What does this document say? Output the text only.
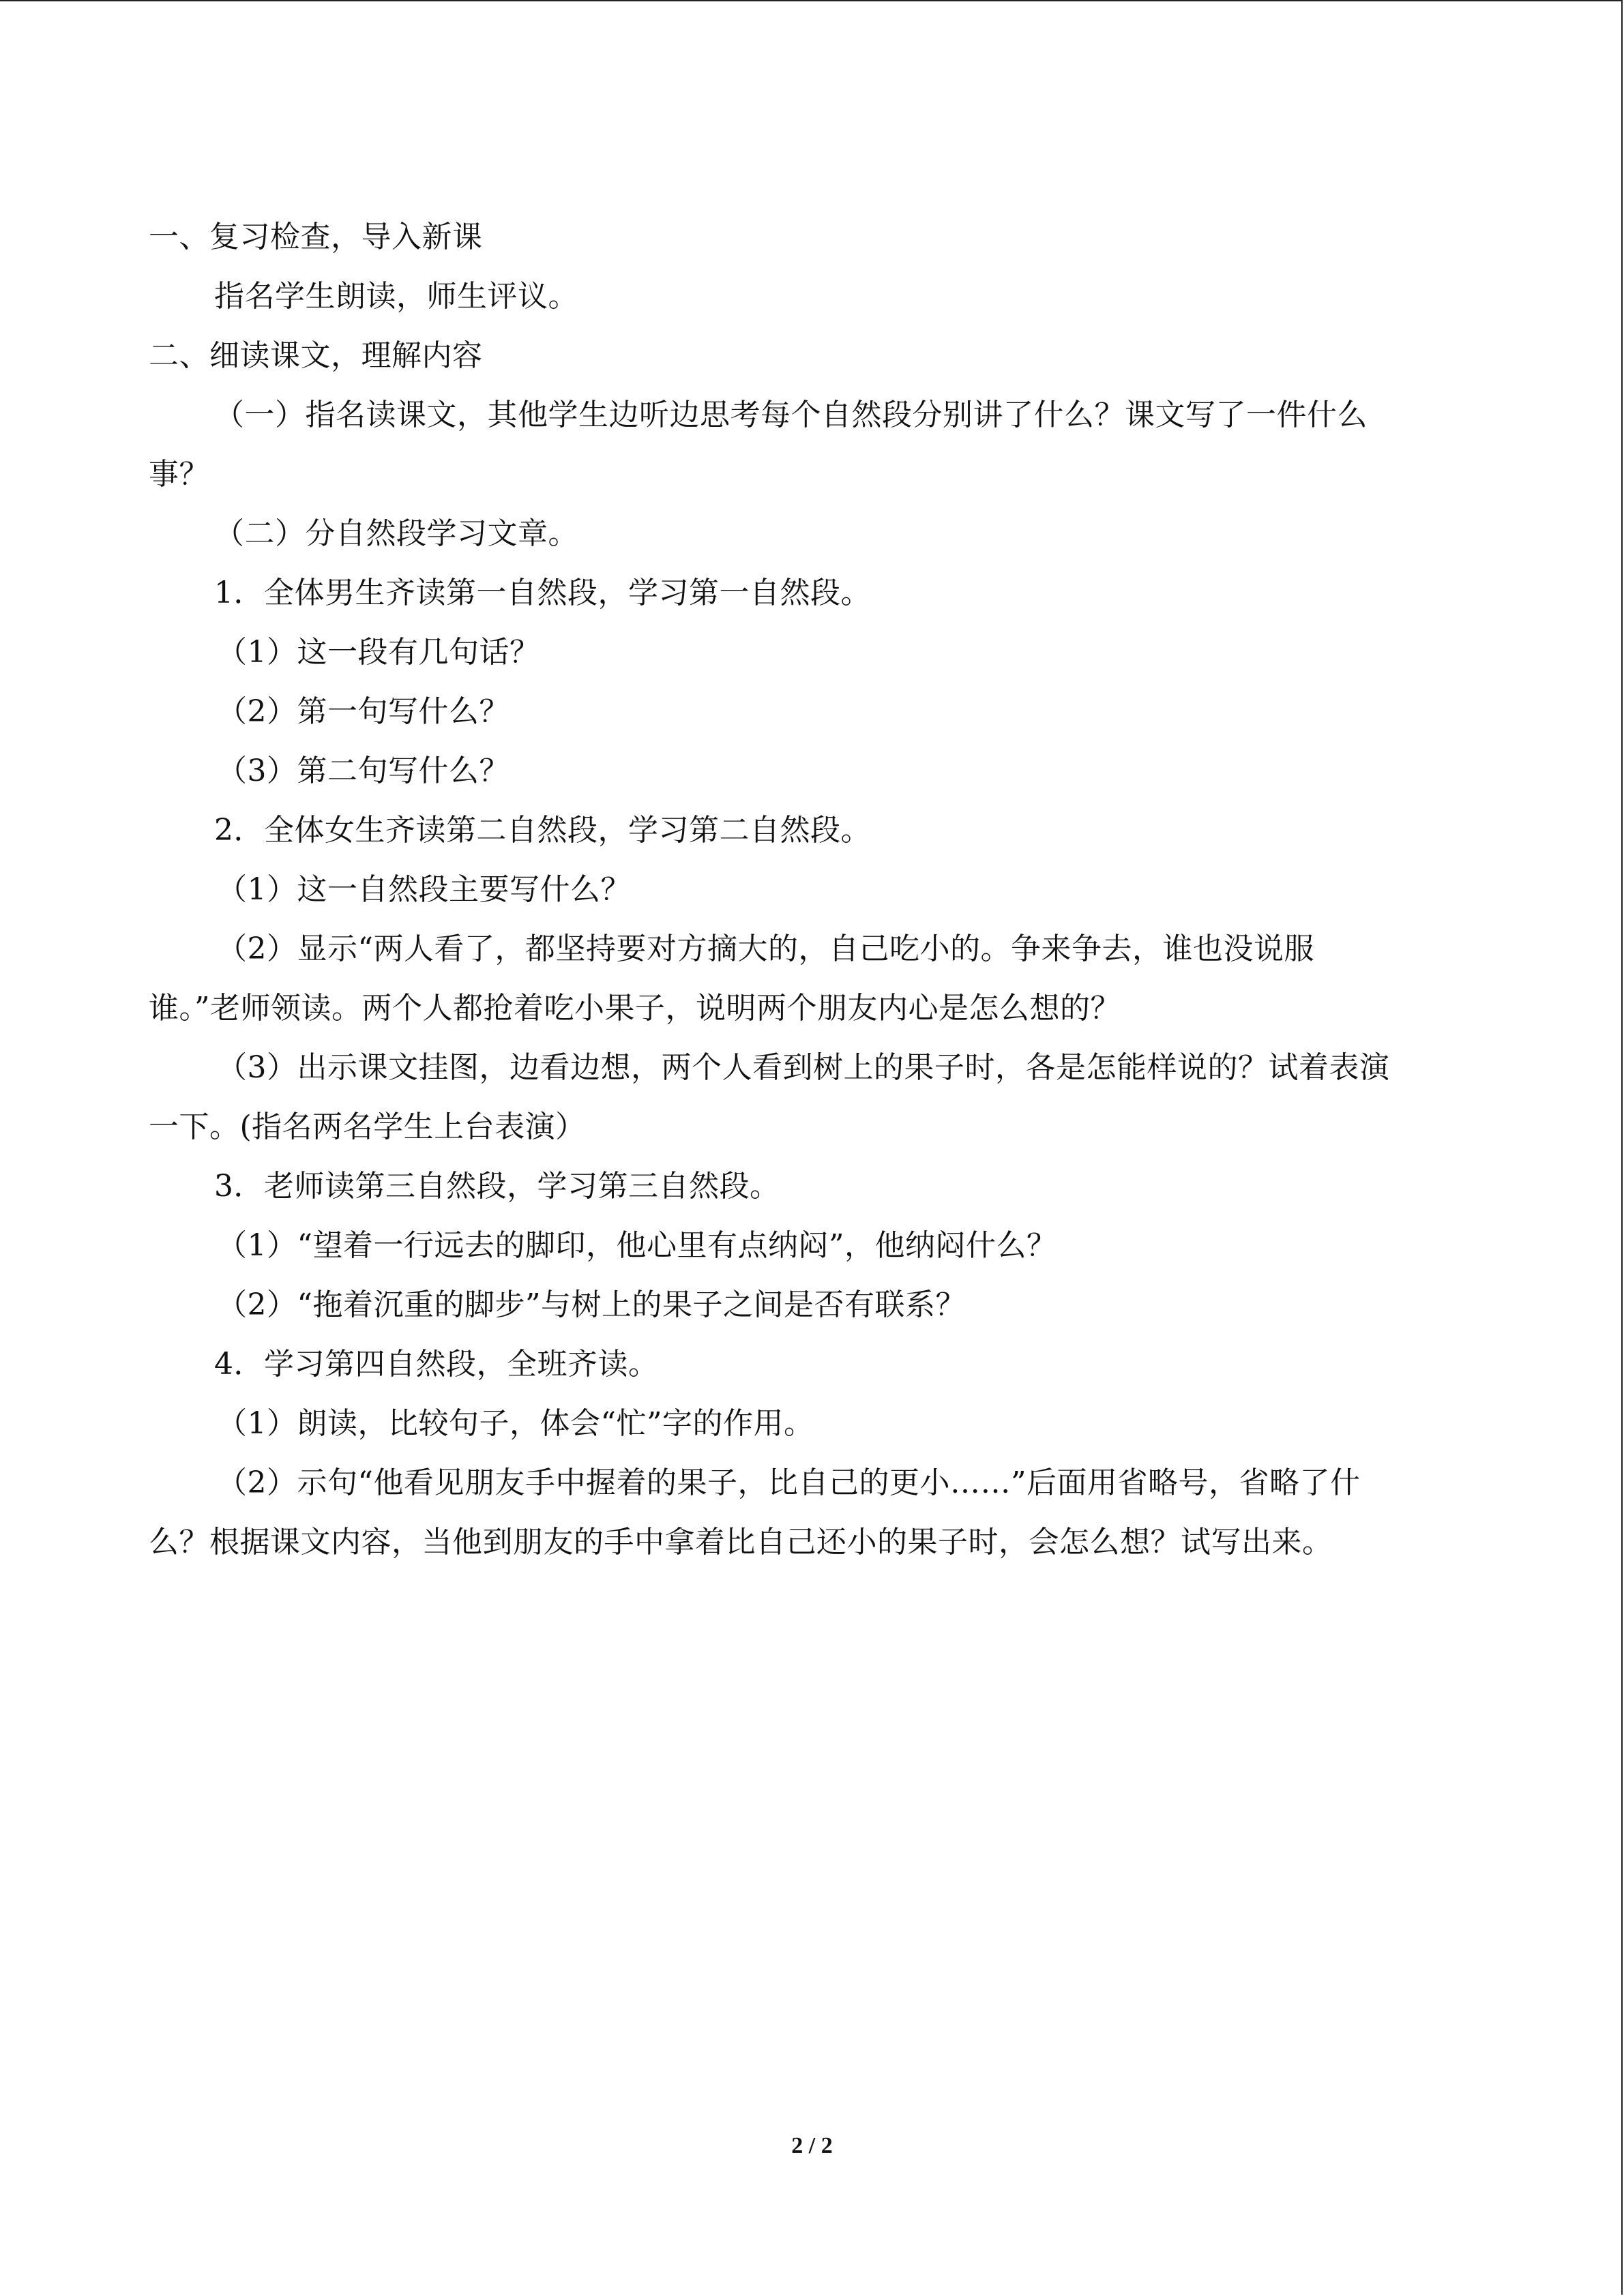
一、复习检查，导入新课
指名学生朗读，师生评议。
二、细读课文，理解内容
（一）指名读课文，其他学生边听边思考每个自然段分别讲了什么？课文写了一件什么
事？
（二）分自然段学习文章。
1．全体男生齐读第一自然段，学习第一自然段。
（1）这一段有几句话？
（2）第一句写什么？
（3）第二句写什么？
2．全体女生齐读第二自然段，学习第二自然段。
（1）这一自然段主要写什么？
（2）显示“两人看了，都坚持要对方摘大的，自己吃小的。争来争去，谁也没说服
谁。”老师领读。两个人都抢着吃小果子，说明两个朋友内心是怎么想的？
（3）出示课文挂图，边看边想，两个人看到树上的果子时，各是怎能样说的？试着表演
一下。(指名两名学生上台表演）
3．老师读第三自然段，学习第三自然段。
（1）“望着一行远去的脚印，他心里有点纳闷”，他纳闷什么？
（2）“拖着沉重的脚步”与树上的果子之间是否有联系？
4．学习第四自然段，全班齐读。
（1）朗读，比较句子，体会“忙”字的作用。
（2）示句“他看见朋友手中握着的果子，比自己的更小……”后面用省略号，省略了什
么？根据课文内容，当他到朋友的手中拿着比自己还小的果子时，会怎么想？试写出来。
2 / 2
